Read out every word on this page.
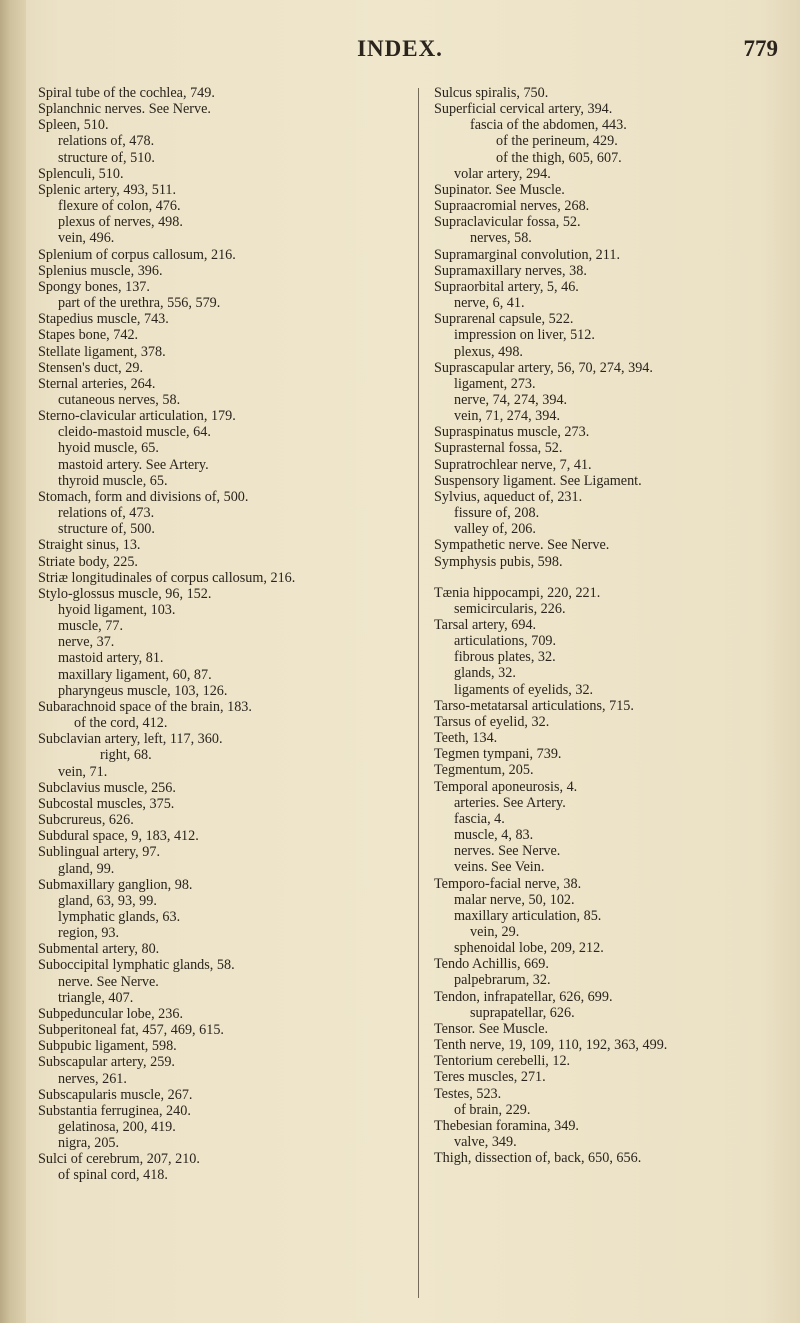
INDEX.	779
Spiral tube of the cochlea, 749.
Splanchnic nerves. See Nerve.
Spleen, 510.
relations of, 478.
structure of, 510.
Splenculi, 510.
Splenic artery, 493, 511.
flexure of colon, 476.
plexus of nerves, 498.
vein, 496.
Splenium of corpus callosum, 216.
Splenius muscle, 396.
Spongy bones, 137.
part of the urethra, 556, 579.
Stapedius muscle, 743.
Stapes bone, 742.
Stellate ligament, 378.
Stensen's duct, 29.
Sternal arteries, 264.
cutaneous nerves, 58.
Sterno-clavicular articulation, 179.
cleido-mastoid muscle, 64.
hyoid muscle, 65.
mastoid artery. See Artery.
thyroid muscle, 65.
Stomach, form and divisions of, 500.
relations of, 473.
structure of, 500.
Straight sinus, 13.
Striate body, 225.
Striæ longitudinales of corpus callosum, 216.
Stylo-glossus muscle, 96, 152.
hyoid ligament, 103.
muscle, 77.
nerve, 37.
mastoid artery, 81.
maxillary ligament, 60, 87.
pharyngeus muscle, 103, 126.
Subarachnoid space of the brain, 183.
of the cord, 412.
Subclavian artery, left, 117, 360.
right, 68.
vein, 71.
Subclavius muscle, 256.
Subcostal muscles, 375.
Subcrureus, 626.
Subdural space, 9, 183, 412.
Sublingual artery, 97.
gland, 99.
Submaxillary ganglion, 98.
gland, 63, 93, 99.
lymphatic glands, 63.
region, 93.
Submental artery, 80.
Suboccipital lymphatic glands, 58.
nerve. See Nerve.
triangle, 407.
Subpeduncular lobe, 236.
Subperitoneal fat, 457, 469, 615.
Subpubic ligament, 598.
Subscapular artery, 259.
nerves, 261.
Subscapularis muscle, 267.
Substantia ferruginea, 240.
gelatinosa, 200, 419.
nigra, 205.
Sulci of cerebrum, 207, 210.
of spinal cord, 418.
Sulcus spiralis, 750.
Superficial cervical artery, 394.
fascia of the abdomen, 443.
of the perineum, 429.
of the thigh, 605, 607.
volar artery, 294.
Supinator. See Muscle.
Supraacromial nerves, 268.
Supraclavicular fossa, 52.
nerves, 58.
Supramarginal convolution, 211.
Supramaxillary nerves, 38.
Supraorbital artery, 5, 46.
nerve, 6, 41.
Suprarenal capsule, 522.
impression on liver, 512.
plexus, 498.
Suprascapular artery, 56, 70, 274, 394.
ligament, 273.
nerve, 74, 274, 394.
vein, 71, 274, 394.
Supraspinatus muscle, 273.
Suprasternal fossa, 52.
Supratrochlear nerve, 7, 41.
Suspensory ligament. See Ligament.
Sylvius, aqueduct of, 231.
fissure of, 208.
valley of, 206.
Sympathetic nerve. See Nerve.
Symphysis pubis, 598.
Tænia hippocampi, 220, 221.
semicircularis, 226.
Tarsal artery, 694.
articulations, 709.
fibrous plates, 32.
glands, 32.
ligaments of eyelids, 32.
Tarso-metatarsal articulations, 715.
Tarsus of eyelid, 32.
Teeth, 134.
Tegmen tympani, 739.
Tegmentum, 205.
Temporal aponeurosis, 4.
arteries. See Artery.
fascia, 4.
muscle, 4, 83.
nerves. See Nerve.
veins. See Vein.
Temporo-facial nerve, 38.
malar nerve, 50, 102.
maxillary articulation, 85.
vein, 29.
sphenoidal lobe, 209, 212.
Tendo Achillis, 669.
palpebrarum, 32.
Tendon, infrapatellar, 626, 699.
suprapatellar, 626.
Tensor. See Muscle.
Tenth nerve, 19, 109, 110, 192, 363, 499.
Tentorium cerebelli, 12.
Teres muscles, 271.
Testes, 523.
of brain, 229.
Thebesian foramina, 349.
valve, 349.
Thigh, dissection of, back, 650, 656.
